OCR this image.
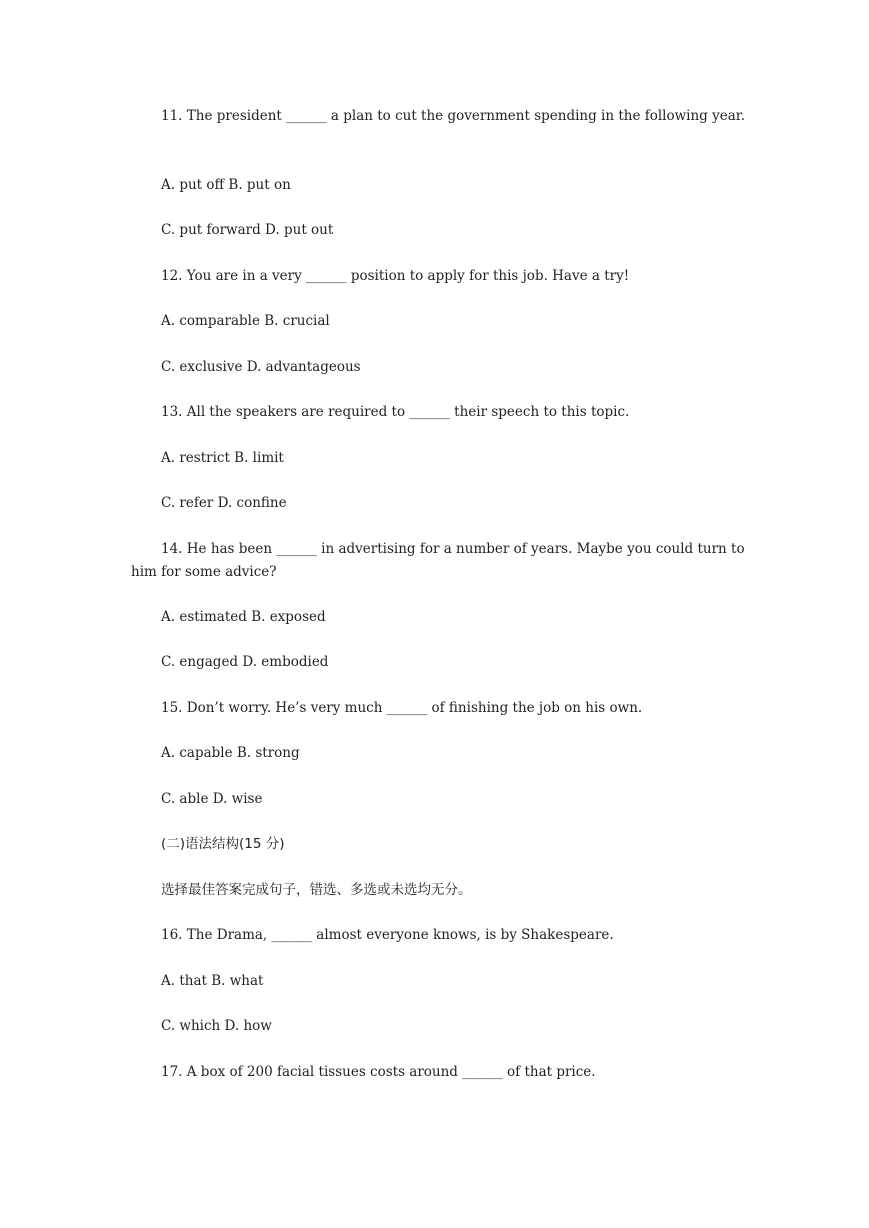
11. The president ______ a plan to cut the government spending in the following year.
A. put off B. put on
C. put forward D. put out
12. You are in a very ______ position to apply for this job. Have a try!
A. comparable B. crucial
C. exclusive D. advantageous
13. All the speakers are required to ______ their speech to this topic.
A. restrict B. limit
C. refer D. confine
14. He has been ______ in advertising for a number of years. Maybe you could turn to him for some advice?
A. estimated B. exposed
C. engaged D. embodied
15. Don’t worry. He’s very much ______ of finishing the job on his own.
A. capable B. strong
C. able D. wise
(二)语法结构(15 分)
选择最佳答案完成句子，错选、多选或未选均无分。
16. The Drama, ______ almost everyone knows, is by Shakespeare.
A. that B. what
C. which D. how
17. A box of 200 facial tissues costs around ______ of that price.
